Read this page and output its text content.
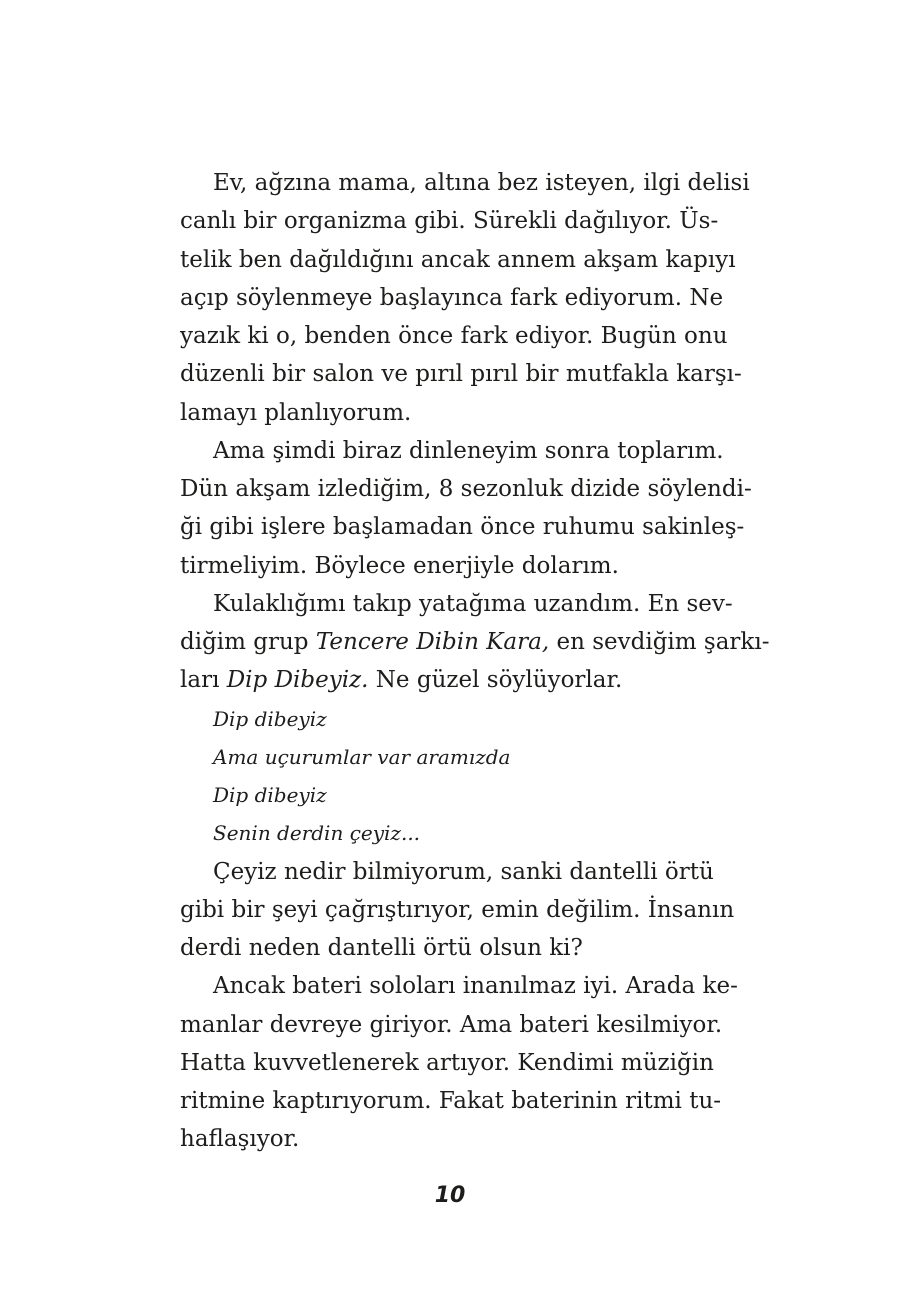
Ev, ağzına mama, altına bez isteyen, ilgi delisi
canlı bir organizma gibi. Sürekli dağılıyor. Üs-
telik ben dağıldığını ancak annem akşam kapıyı
açıp söylenmeye başlayınca fark ediyorum. Ne
yazık ki o, benden önce fark ediyor. Bugün onu
düzenli bir salon ve pırıl pırıl bir mutfakla karşı-
lamayı planlıyorum.
Ama şimdi biraz dinleneyim sonra toplarım.
Dün akşam izlediğim, 8 sezonluk dizide söylendi-
ği gibi işlere başlamadan önce ruhumu sakinleş-
tirmeliyim. Böylece enerjiyle dolarım.
Kulaklığımı takıp yatağıma uzandım. En sev-
diğim grup Tencere Dibin Kara, en sevdiğim şarkı-
ları Dip Dibeyiz. Ne güzel söylüyorlar.
Dip dibeyiz
Ama uçurumlar var aramızda
Dip dibeyiz
Senin derdin çeyiz...
Çeyiz nedir bilmiyorum, sanki dantelli örtü
gibi bir şeyi çağrıştırıyor, emin değilim. İnsanın
derdi neden dantelli örtü olsun ki?
Ancak bateri soloları inanılmaz iyi. Arada ke-
manlar devreye giriyor. Ama bateri kesilmiyor.
Hatta kuvvetlenerek artıyor. Kendimi müziğin
ritmine kaptırıyorum. Fakat baterinin ritmi tu-
haflaşıyor.
10
